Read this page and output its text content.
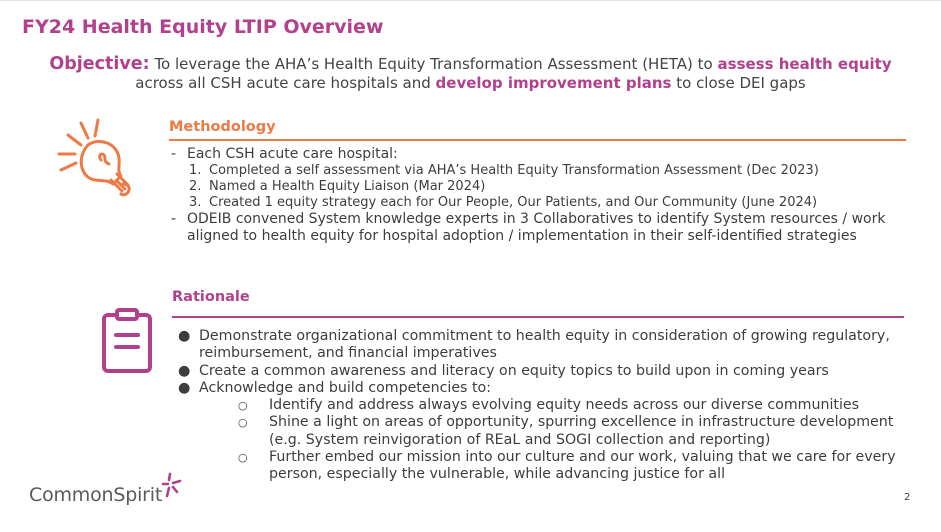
FY24 Health Equity LTIP Overview
Objective: To leverage the AHA’s Health Equity Transformation Assessment (HETA) to assess health equity
across all CSH acute care hospitals and develop improvement plans to close DEI gaps
Methodology
- Each CSH acute care hospital:
1. Completed a self assessment via AHA’s Health Equity Transformation Assessment (Dec 2023)
2. Named a Health Equity Liaison (Mar 2024)
3. Created 1 equity strategy each for Our People, Our Patients, and Our Community (June 2024)
- ODEIB convened System knowledge experts in 3 Collaboratives to identify System resources / work aligned to health equity for hospital adoption / implementation in their self-identified strategies
Rationale
● Demonstrate organizational commitment to health equity in consideration of growing regulatory, reimbursement, and financial imperatives
● Create a common awareness and literacy on equity topics to build upon in coming years
● Acknowledge and build competencies to:
○ Identify and address always evolving equity needs across our diverse communities
○ Shine a light on areas of opportunity, spurring excellence in infrastructure development (e.g. System reinvigoration of REaL and SOGI collection and reporting)
○ Further embed our mission into our culture and our work, valuing that we care for every person, especially the vulnerable, while advancing justice for all
CommonSpirit	2
